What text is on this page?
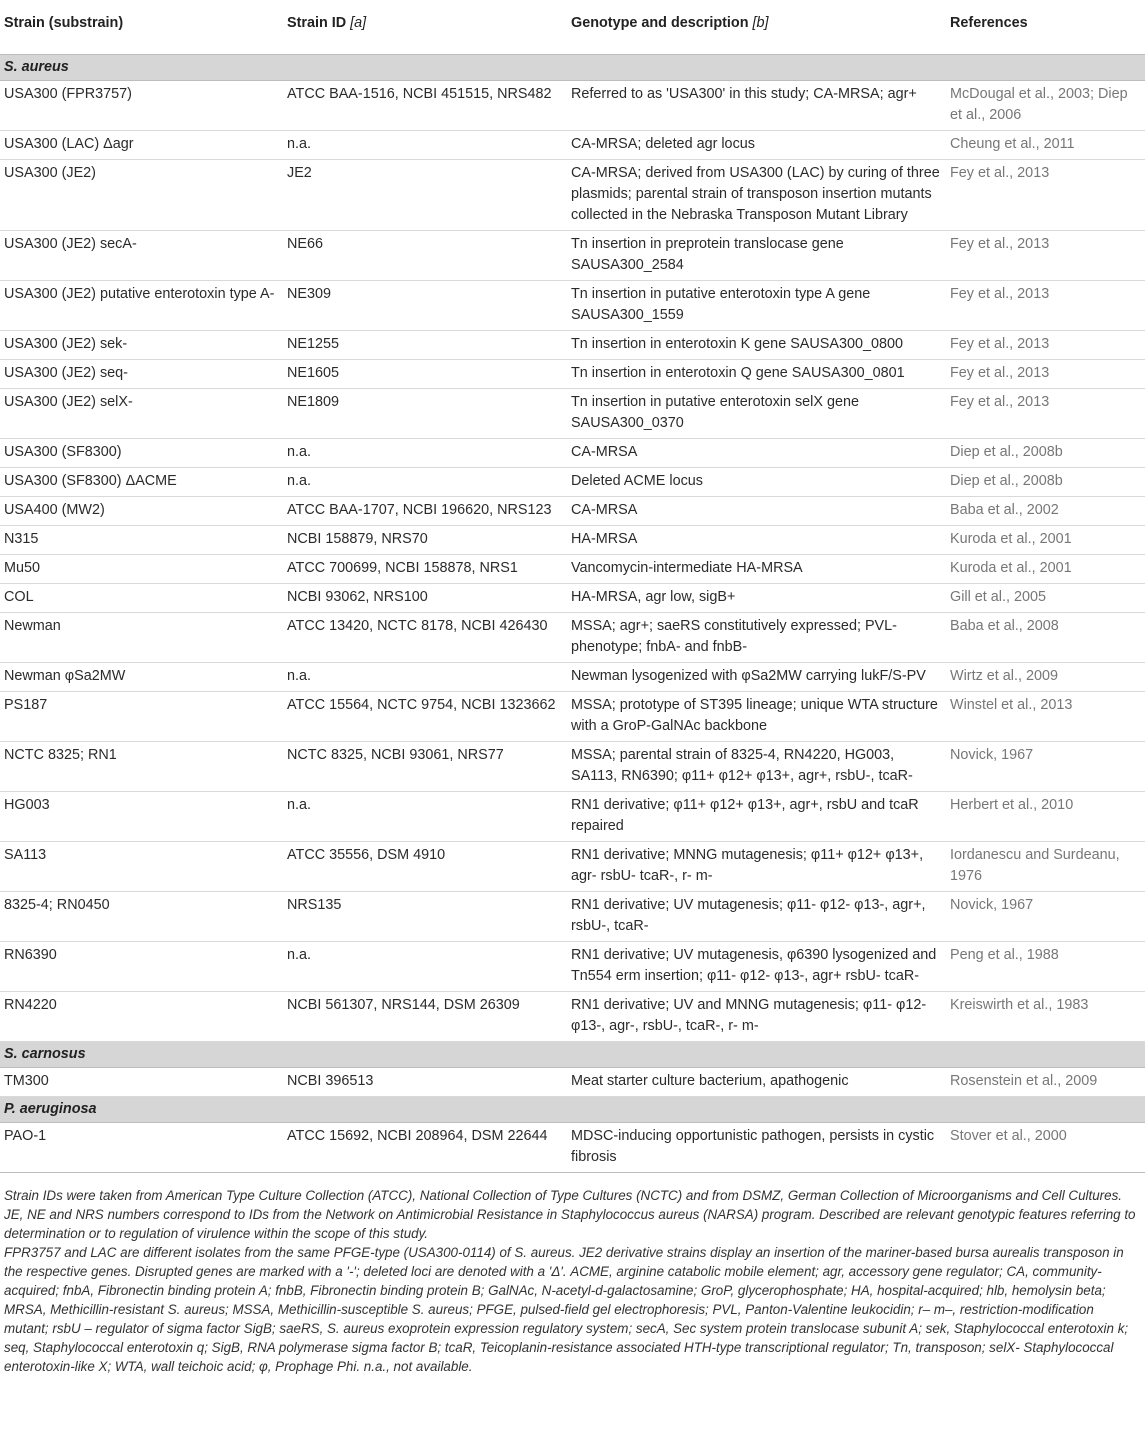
Strain (substrain)	Strain ID [a]	Genotype and description [b]	References
S. aureus			
USA300 (FPR3757)	ATCC BAA-1516, NCBI 451515, NRS482	Referred to as 'USA300' in this study; CA-MRSA; agr+	McDougal et al., 2003; Diep et al., 2006
USA300 (LAC) Δagr	n.a.	CA-MRSA; deleted agr locus	Cheung et al., 2011
USA300 (JE2)	JE2	CA-MRSA; derived from USA300 (LAC) by curing of three plasmids; parental strain of transposon insertion mutants collected in the Nebraska Transposon Mutant Library	Fey et al., 2013
USA300 (JE2) secA-	NE66	Tn insertion in preprotein translocase gene SAUSA300_2584	Fey et al., 2013
USA300 (JE2) putative enterotoxin type A-	NE309	Tn insertion in putative enterotoxin type A gene SAUSA300_1559	Fey et al., 2013
USA300 (JE2) sek-	NE1255	Tn insertion in enterotoxin K gene SAUSA300_0800	Fey et al., 2013
USA300 (JE2) seq-	NE1605	Tn insertion in enterotoxin Q gene SAUSA300_0801	Fey et al., 2013
USA300 (JE2) selX-	NE1809	Tn insertion in putative enterotoxin selX gene SAUSA300_0370	Fey et al., 2013
USA300 (SF8300)	n.a.	CA-MRSA	Diep et al., 2008b
USA300 (SF8300) ΔACME	n.a.	Deleted ACME locus	Diep et al., 2008b
USA400 (MW2)	ATCC BAA-1707, NCBI 196620, NRS123	CA-MRSA	Baba et al., 2002
N315	NCBI 158879, NRS70	HA-MRSA	Kuroda et al., 2001
Mu50	ATCC 700699, NCBI 158878, NRS1	Vancomycin-intermediate HA-MRSA	Kuroda et al., 2001
COL	NCBI 93062, NRS100	HA-MRSA, agr low, sigB+	Gill et al., 2005
Newman	ATCC 13420, NCTC 8178, NCBI 426430	MSSA; agr+; saeRS constitutively expressed; PVL-phenotype; fnbA- and fnbB-	Baba et al., 2008
Newman φSa2MW	n.a.	Newman lysogenized with φSa2MW carrying lukF/S-PV	Wirtz et al., 2009
PS187	ATCC 15564, NCTC 9754, NCBI 1323662	MSSA; prototype of ST395 lineage; unique WTA structure with a GroP-GalNAc backbone	Winstel et al., 2013
NCTC 8325; RN1	NCTC 8325, NCBI 93061, NRS77	MSSA; parental strain of 8325-4, RN4220, HG003, SA113, RN6390; φ11+ φ12+ φ13+, agr+, rsbU-, tcaR-	Novick, 1967
HG003	n.a.	RN1 derivative; φ11+ φ12+ φ13+, agr+, rsbU and tcaR repaired	Herbert et al., 2010
SA113	ATCC 35556, DSM 4910	RN1 derivative; MNNG mutagenesis; φ11+ φ12+ φ13+, agr- rsbU- tcaR-, r- m-	Iordanescu and Surdeanu, 1976
8325-4; RN0450	NRS135	RN1 derivative; UV mutagenesis; φ11- φ12- φ13-, agr+, rsbU-, tcaR-	Novick, 1967
RN6390	n.a.	RN1 derivative; UV mutagenesis, φ6390 lysogenized and Tn554 erm insertion; φ11- φ12- φ13-, agr+ rsbU- tcaR-	Peng et al., 1988
RN4220	NCBI 561307, NRS144, DSM 26309	RN1 derivative; UV and MNNG mutagenesis; φ11- φ12- φ13-, agr-, rsbU-, tcaR-, r- m-	Kreiswirth et al., 1983
S. carnosus			
TM300	NCBI 396513	Meat starter culture bacterium, apathogenic	Rosenstein et al., 2009
P. aeruginosa			
PAO-1	ATCC 15692, NCBI 208964, DSM 22644	MDSC-inducing opportunistic pathogen, persists in cystic fibrosis	Stover et al., 2000

Strain IDs were taken from American Type Culture Collection (ATCC), National Collection of Type Cultures (NCTC) and from DSMZ, German Collection of Microorganisms and Cell Cultures. JE, NE and NRS numbers correspond to IDs from the Network on Antimicrobial Resistance in Staphylococcus aureus (NARSA) program. Described are relevant genotypic features referring to determination or to regulation of virulence within the scope of this study.

FPR3757 and LAC are different isolates from the same PFGE-type (USA300-0114) of S. aureus. JE2 derivative strains display an insertion of the mariner-based bursa aurealis transposon in the respective genes. Disrupted genes are marked with a '-'; deleted loci are denoted with a 'Δ'. ACME, arginine catabolic mobile element; agr, accessory gene regulator; CA, community-acquired; fnbA, Fibronectin binding protein A; fnbB, Fibronectin binding protein B; GalNAc, N-acetyl-d-galactosamine; GroP, glycerophosphate; HA, hospital-acquired; hlb, hemolysin beta; MRSA, Methicillin-resistant S. aureus; MSSA, Methicillin-susceptible S. aureus; PFGE, pulsed-field gel electrophoresis; PVL, Panton-Valentine leukocidin; r– m–, restriction-modification mutant; rsbU – regulator of sigma factor SigB; saeRS, S. aureus exoprotein expression regulatory system; secA, Sec system protein translocase subunit A; sek, Staphylococcal enterotoxin k; seq, Staphylococcal enterotoxin q; SigB, RNA polymerase sigma factor B; tcaR, Teicoplanin-resistance associated HTH-type transcriptional regulator; Tn, transposon; selX- Staphylococcal enterotoxin-like X; WTA, wall teichoic acid; φ, Prophage Phi. n.a., not available.
